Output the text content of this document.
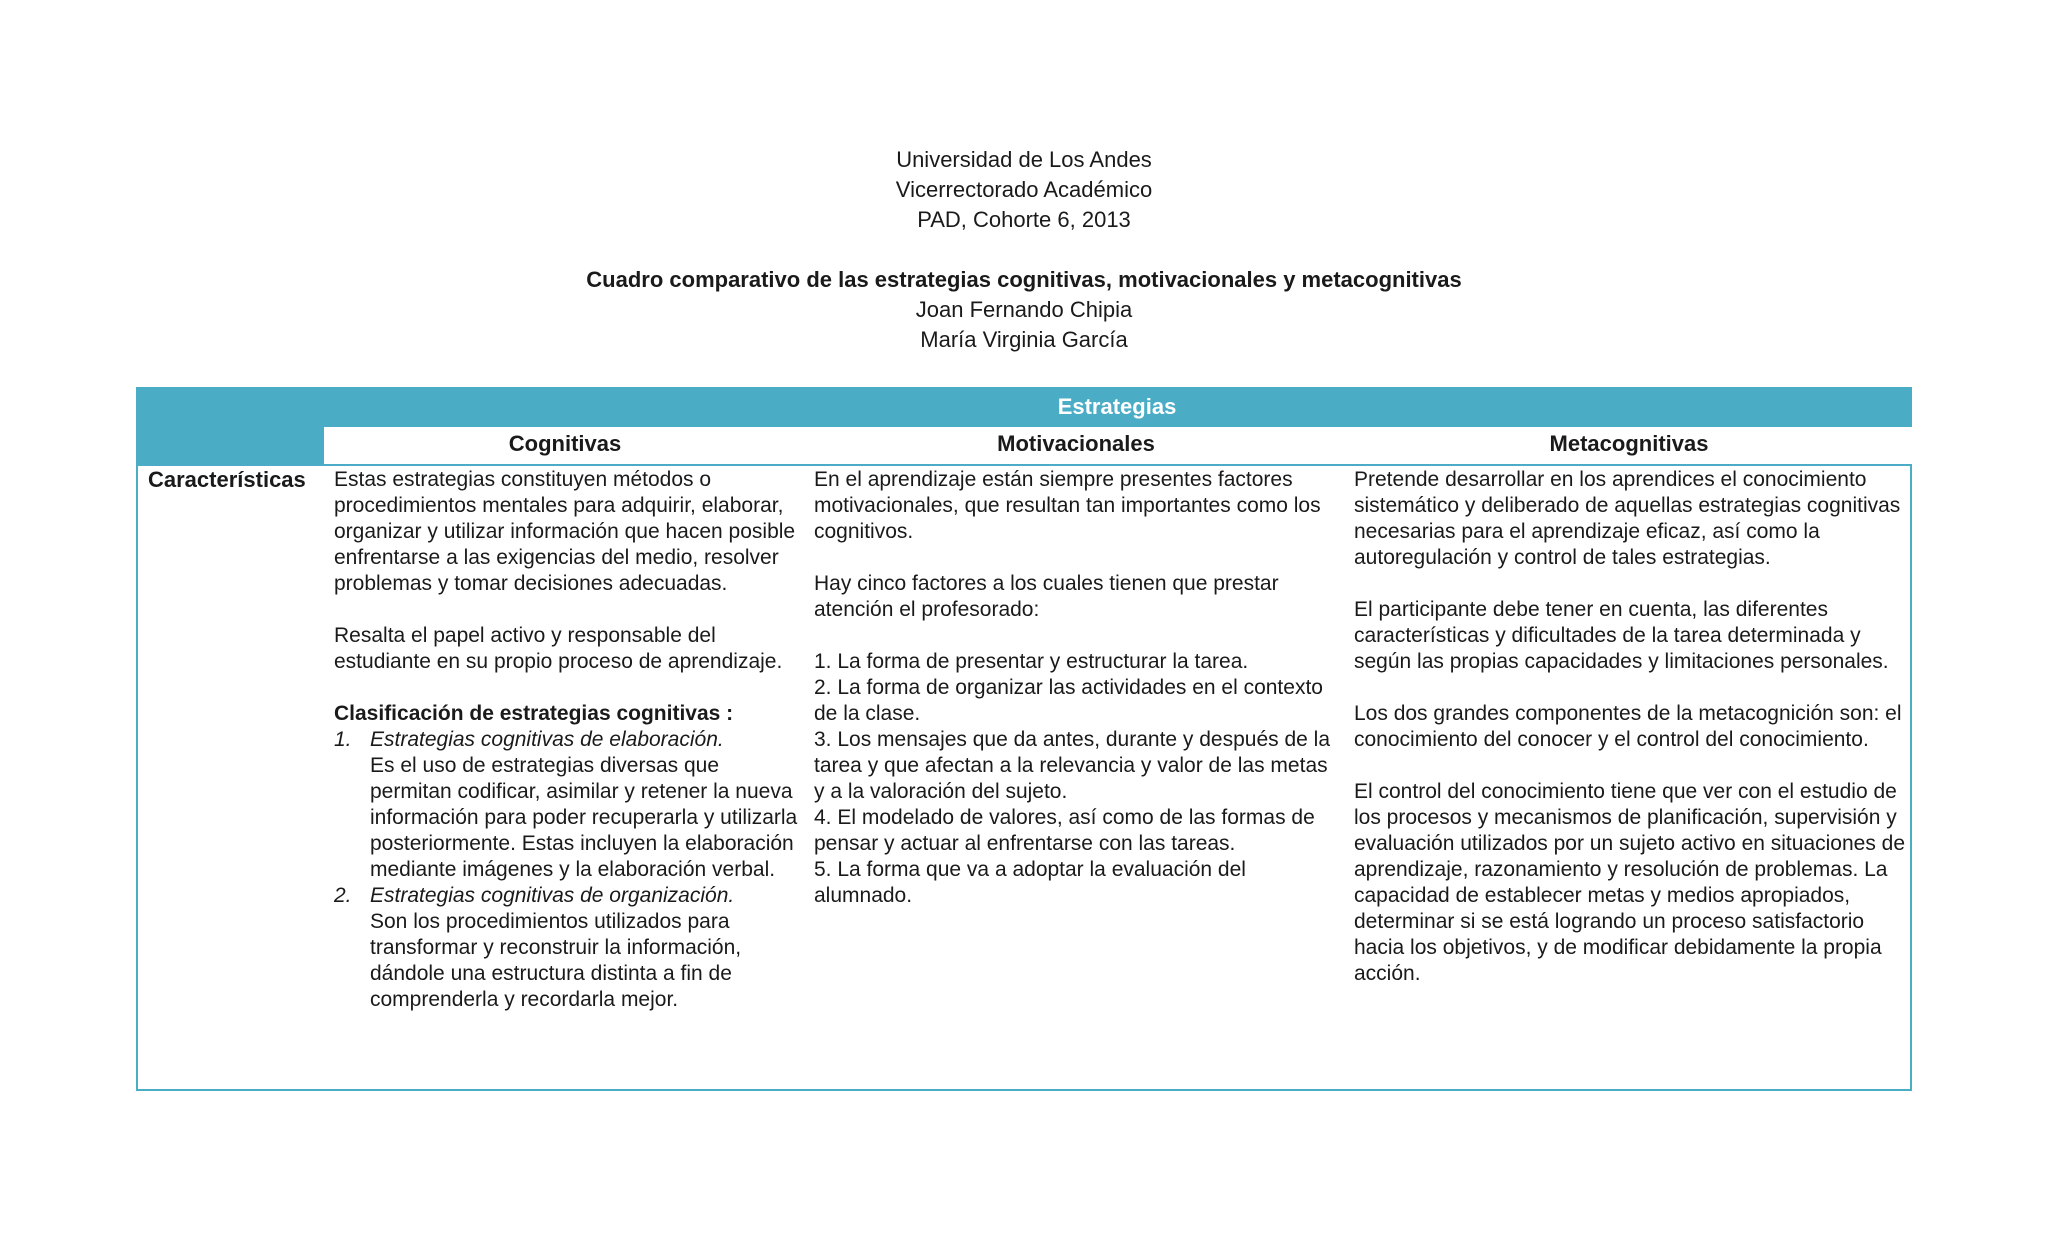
Universidad de Los Andes
Vicerrectorado Académico
PAD, Cohorte 6, 2013
Cuadro comparativo de las estrategias cognitivas, motivacionales y metacognitivas
Joan Fernando Chipia
María Virginia García
Estrategias
Cognitivas	Motivacionales	Metacognitivas
Características Estas estrategias constituyen métodos o procedimientos mentales para adquirir, elaborar, organizar y utilizar información que hacen posible enfrentarse a las exigencias del medio, resolver problemas y tomar decisiones adecuadas.

Resalta el papel activo y responsable del estudiante en su propio proceso de aprendizaje.

Clasificación de estrategias cognitivas :

1. Estrategias cognitivas de elaboración.

Es el uso de estrategias diversas que permitan codificar, asimilar y retener la nueva información para poder recuperarla y utilizarla posteriormente. Estas incluyen la elaboración mediante imágenes y la elaboración verbal.

2. Estrategias cognitivas de organización.

Son los procedimientos utilizados para transformar y reconstruir la información, dándole una estructura distinta a fin de comprenderla y recordarla mejor.

En el aprendizaje están siempre presentes factores motivacionales, que resultan tan importantes como los cognitivos.

Hay cinco factores a los cuales tienen que prestar atención el profesorado:

1. La forma de presentar y estructurar la tarea.

2. La forma de organizar las actividades en el contexto de la clase.

3. Los mensajes que da antes, durante y después de la tarea y que afectan a la relevancia y valor de las metas y a la valoración del sujeto.

4. El modelado de valores, así como de las formas de pensar y actuar al enfrentarse con las tareas.

5. La forma que va a adoptar la evaluación del alumnado.

Pretende desarrollar en los aprendices el conocimiento sistemático y deliberado de aquellas estrategias cognitivas necesarias para el aprendizaje eficaz, así como la autoregulación y control de tales estrategias.

El participante debe tener en cuenta, las diferentes características y dificultades de la tarea determinada y según las propias capacidades y limitaciones personales.

Los dos grandes componentes de la metacognición son: el conocimiento del conocer y el control del conocimiento.

El control del conocimiento tiene que ver con el estudio de los procesos y mecanismos de planificación, supervisión y evaluación utilizados por un sujeto activo en situaciones de aprendizaje, razonamiento y resolución de problemas. La capacidad de establecer metas y medios apropiados, determinar si se está logrando un proceso satisfactorio hacia los objetivos, y de modificar debidamente la propia acción.
